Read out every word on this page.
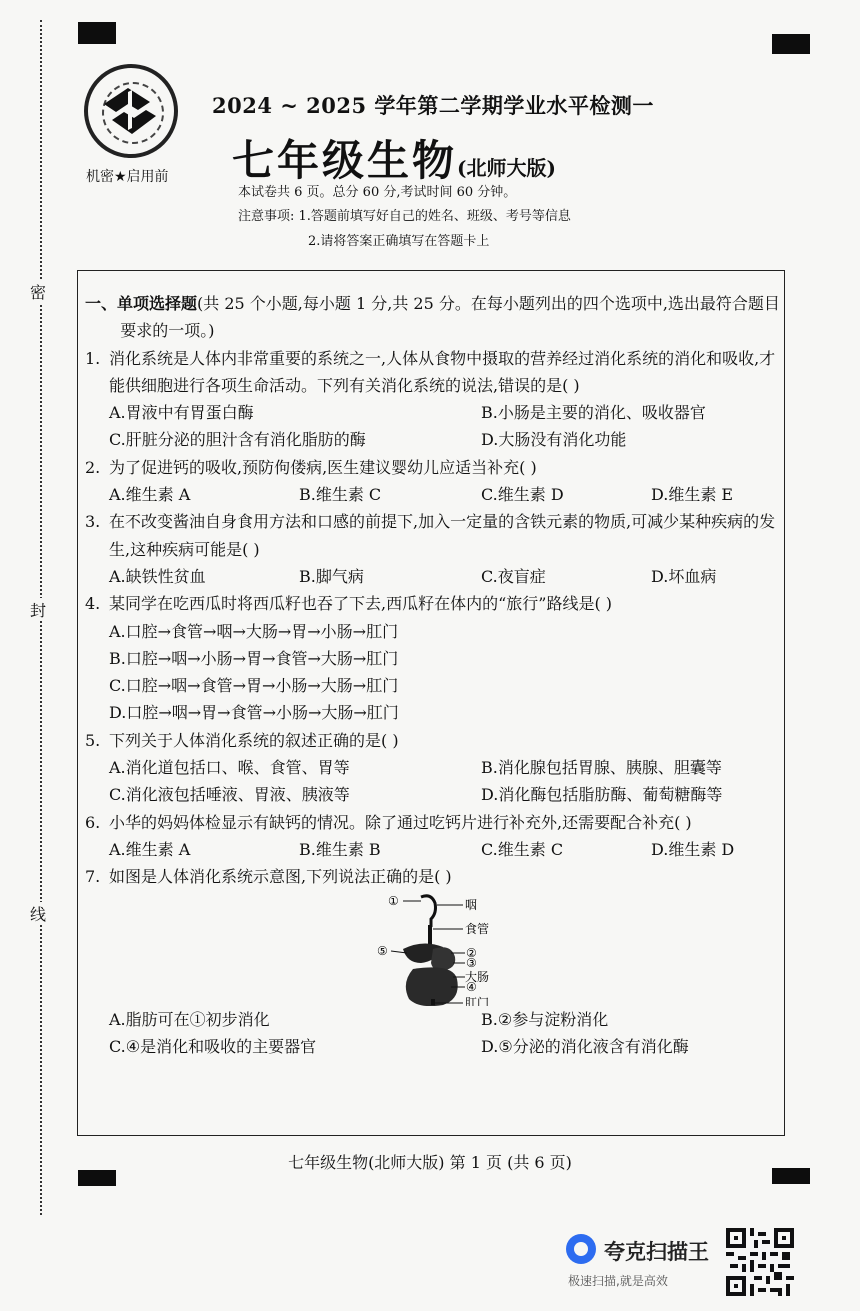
密
封
线
机密★启用前
2024 ~ 2025 学年第二学期学业水平检测一
七年级生物(北师大版)
本试卷共 6 页。总分 60 分,考试时间 60 分钟。
注意事项: 1.答题前填写好自己的姓名、班级、考号等信息
2.请将答案正确填写在答题卡上

一、单项选择题(共 25 个小题,每小题 1 分,共 25 分。在每小题列出的四个选项中,选出最符合题目要求的一项。)

1. 消化系统是人体内非常重要的系统之一,人体从食物中摄取的营养经过消化系统的消化和吸收,才能供细胞进行各项生命活动。下列有关消化系统的说法,错误的是( )
A.胃液中有胃蛋白酶	B.小肠是主要的消化、吸收器官
C.肝脏分泌的胆汁含有消化脂肪的酶	D.大肠没有消化功能
2. 为了促进钙的吸收,预防佝偻病,医生建议婴幼儿应适当补充( )
A.维生素 A	B.维生素 C	C.维生素 D	D.维生素 E
3. 在不改变酱油自身食用方法和口感的前提下,加入一定量的含铁元素的物质,可减少某种疾病的发生,这种疾病可能是( )
A.缺铁性贫血	B.脚气病	C.夜盲症	D.坏血病
4. 某同学在吃西瓜时将西瓜籽也吞了下去,西瓜籽在体内的“旅行”路线是( )
A.口腔→食管→咽→大肠→胃→小肠→肛门
B.口腔→咽→小肠→胃→食管→大肠→肛门
C.口腔→咽→食管→胃→小肠→大肠→肛门
D.口腔→咽→胃→食管→小肠→大肠→肛门
5. 下列关于人体消化系统的叙述正确的是( )
A.消化道包括口、喉、食管、胃等	B.消化腺包括胃腺、胰腺、胆囊等
C.消化液包括唾液、胃液、胰液等	D.消化酶包括脂肪酶、葡萄糖酶等
6. 小华的妈妈体检显示有缺钙的情况。除了通过吃钙片进行补充外,还需要配合补充( )
A.维生素 A	B.维生素 B	C.维生素 C	D.维生素 D
7. 如图是人体消化系统示意图,下列说法正确的是( )
①	咽
食管
⑤	②
③
大肠
④
肛门
A.脂肪可在①初步消化	B.②参与淀粉消化
C.④是消化和吸收的主要器官	D.⑤分泌的消化液含有消化酶
七年级生物(北师大版) 第 1 页 (共 6 页)
夸克扫描王
极速扫描,就是高效
